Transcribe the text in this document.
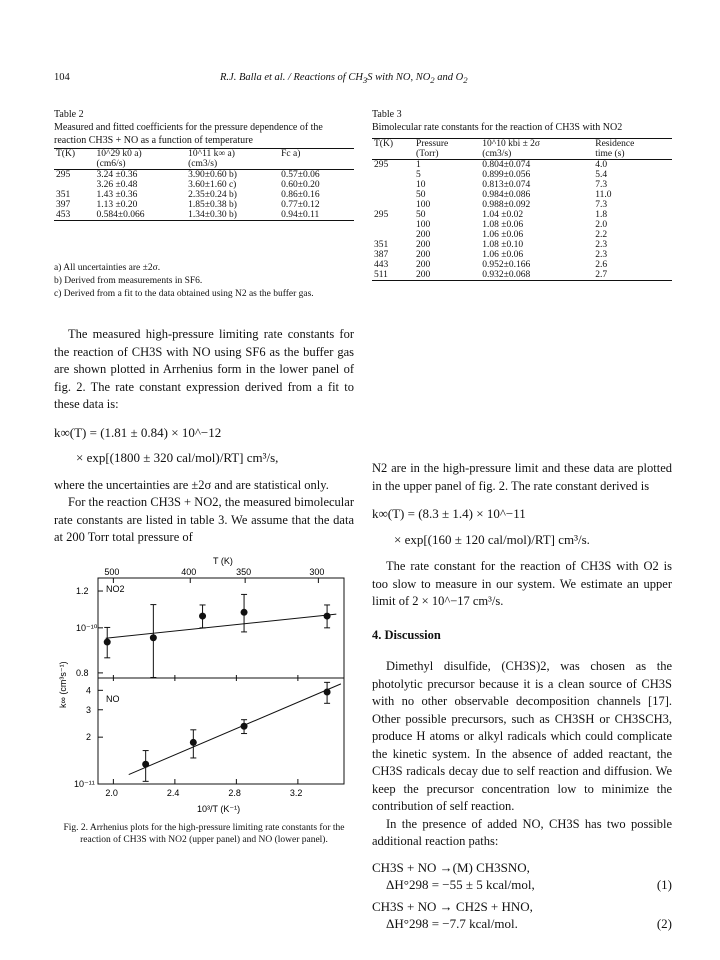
104	R.J. Balla et al. / Reactions of $CH_3S$ with NO, $NO_2$ and $O_2$
Table 2
Measured and fitted coefficients for the pressure dependence of the reaction CH3S + NO as a function of temperature
T(K)	10^29 k0 a)	10^11 k∞ a)	Fc a)
	(cm6/s)	(cm3/s)	
295	3.24 ±0.36	3.90±0.60 b)	0.57±0.06
	3.26 ±0.48	3.60±1.60 c)	0.60±0.20
351	1.43 ±0.36	2.35±0.24 b)	0.86±0.16
397	1.13 ±0.20	1.85±0.38 b)	0.77±0.12
453	0.584±0.066	1.34±0.30 b)	0.94±0.11
a) All uncertainties are ±2σ.
b) Derived from measurements in SF6.
c) Derived from a fit to the data obtained using N2 as the buffer gas.
Table 3
Bimolecular rate constants for the reaction of CH3S with NO2
T(K)	Pressure	10^10 kbi ± 2σ	Residence
	(Torr)	(cm3/s)	time (s)
295	1	0.804±0.074	4.0
	5	0.899±0.056	5.4
	10	0.813±0.074	7.3
	50	0.984±0.086	11.0
	100	0.988±0.092	7.3
295	50	1.04 ±0.02	1.8
	100	1.08 ±0.06	2.0
	200	1.06 ±0.06	2.2
351	200	1.08 ±0.10	2.3
387	200	1.06 ±0.06	2.3
443	200	0.952±0.166	2.6
511	200	0.932±0.068	2.7
The measured high-pressure limiting rate constants for the reaction of CH3S with NO using SF6 as the buffer gas are shown plotted in Arrhenius form in the lower panel of fig. 2. The rate constant expression derived from a fit to these data is:
k∞(T) = (1.81 ± 0.84) × 10^−12
× exp[(1800 ± 320 cal/mol)/RT] cm³/s,
where the uncertainties are ±2σ and are statistical only.
For the reaction CH3S + NO2, the measured bimolecular rate constants are listed in table 3. We assume that the data at 200 Torr total pressure of
T (K)
500	400	350	300
2.0	2.4	2.8	3.2
10³/T (K⁻¹)
1.2
10⁻¹⁰
0.8
4
3
2
10⁻¹¹
k∞ (cm³s⁻¹)
NO2
NO
Fig. 2. Arrhenius plots for the high-pressure limiting rate constants for the reaction of CH3S with NO2 (upper panel) and NO (lower panel).
N2 are in the high-pressure limit and these data are plotted in the upper panel of fig. 2. The rate constant derived is
k∞(T) = (8.3 ± 1.4) × 10^−11
× exp[(160 ± 120 cal/mol)/RT] cm³/s.
The rate constant for the reaction of CH3S with O2 is too slow to measure in our system. We estimate an upper limit of 2 × 10^−17 cm³/s.
4. Discussion
Dimethyl disulfide, (CH3S)2, was chosen as the photolytic precursor because it is a clean source of CH3S with no other observable decomposition channels [17]. Other possible precursors, such as CH3SH or CH3SCH3, produce H atoms or alkyl radicals which could complicate the kinetic system. In the absence of added reactant, the CH3S radicals decay due to self reaction and diffusion. We keep the precursor concentration low to minimize the contribution of self reaction.
In the presence of added NO, CH3S has two possible additional reaction paths:
CH3S + NO →(M) CH3SNO,
ΔH°298 = −55 ± 5 kcal/mol,	(1)
CH3S + NO → CH2S + HNO,
ΔH°298 = −7.7 kcal/mol.	(2)
